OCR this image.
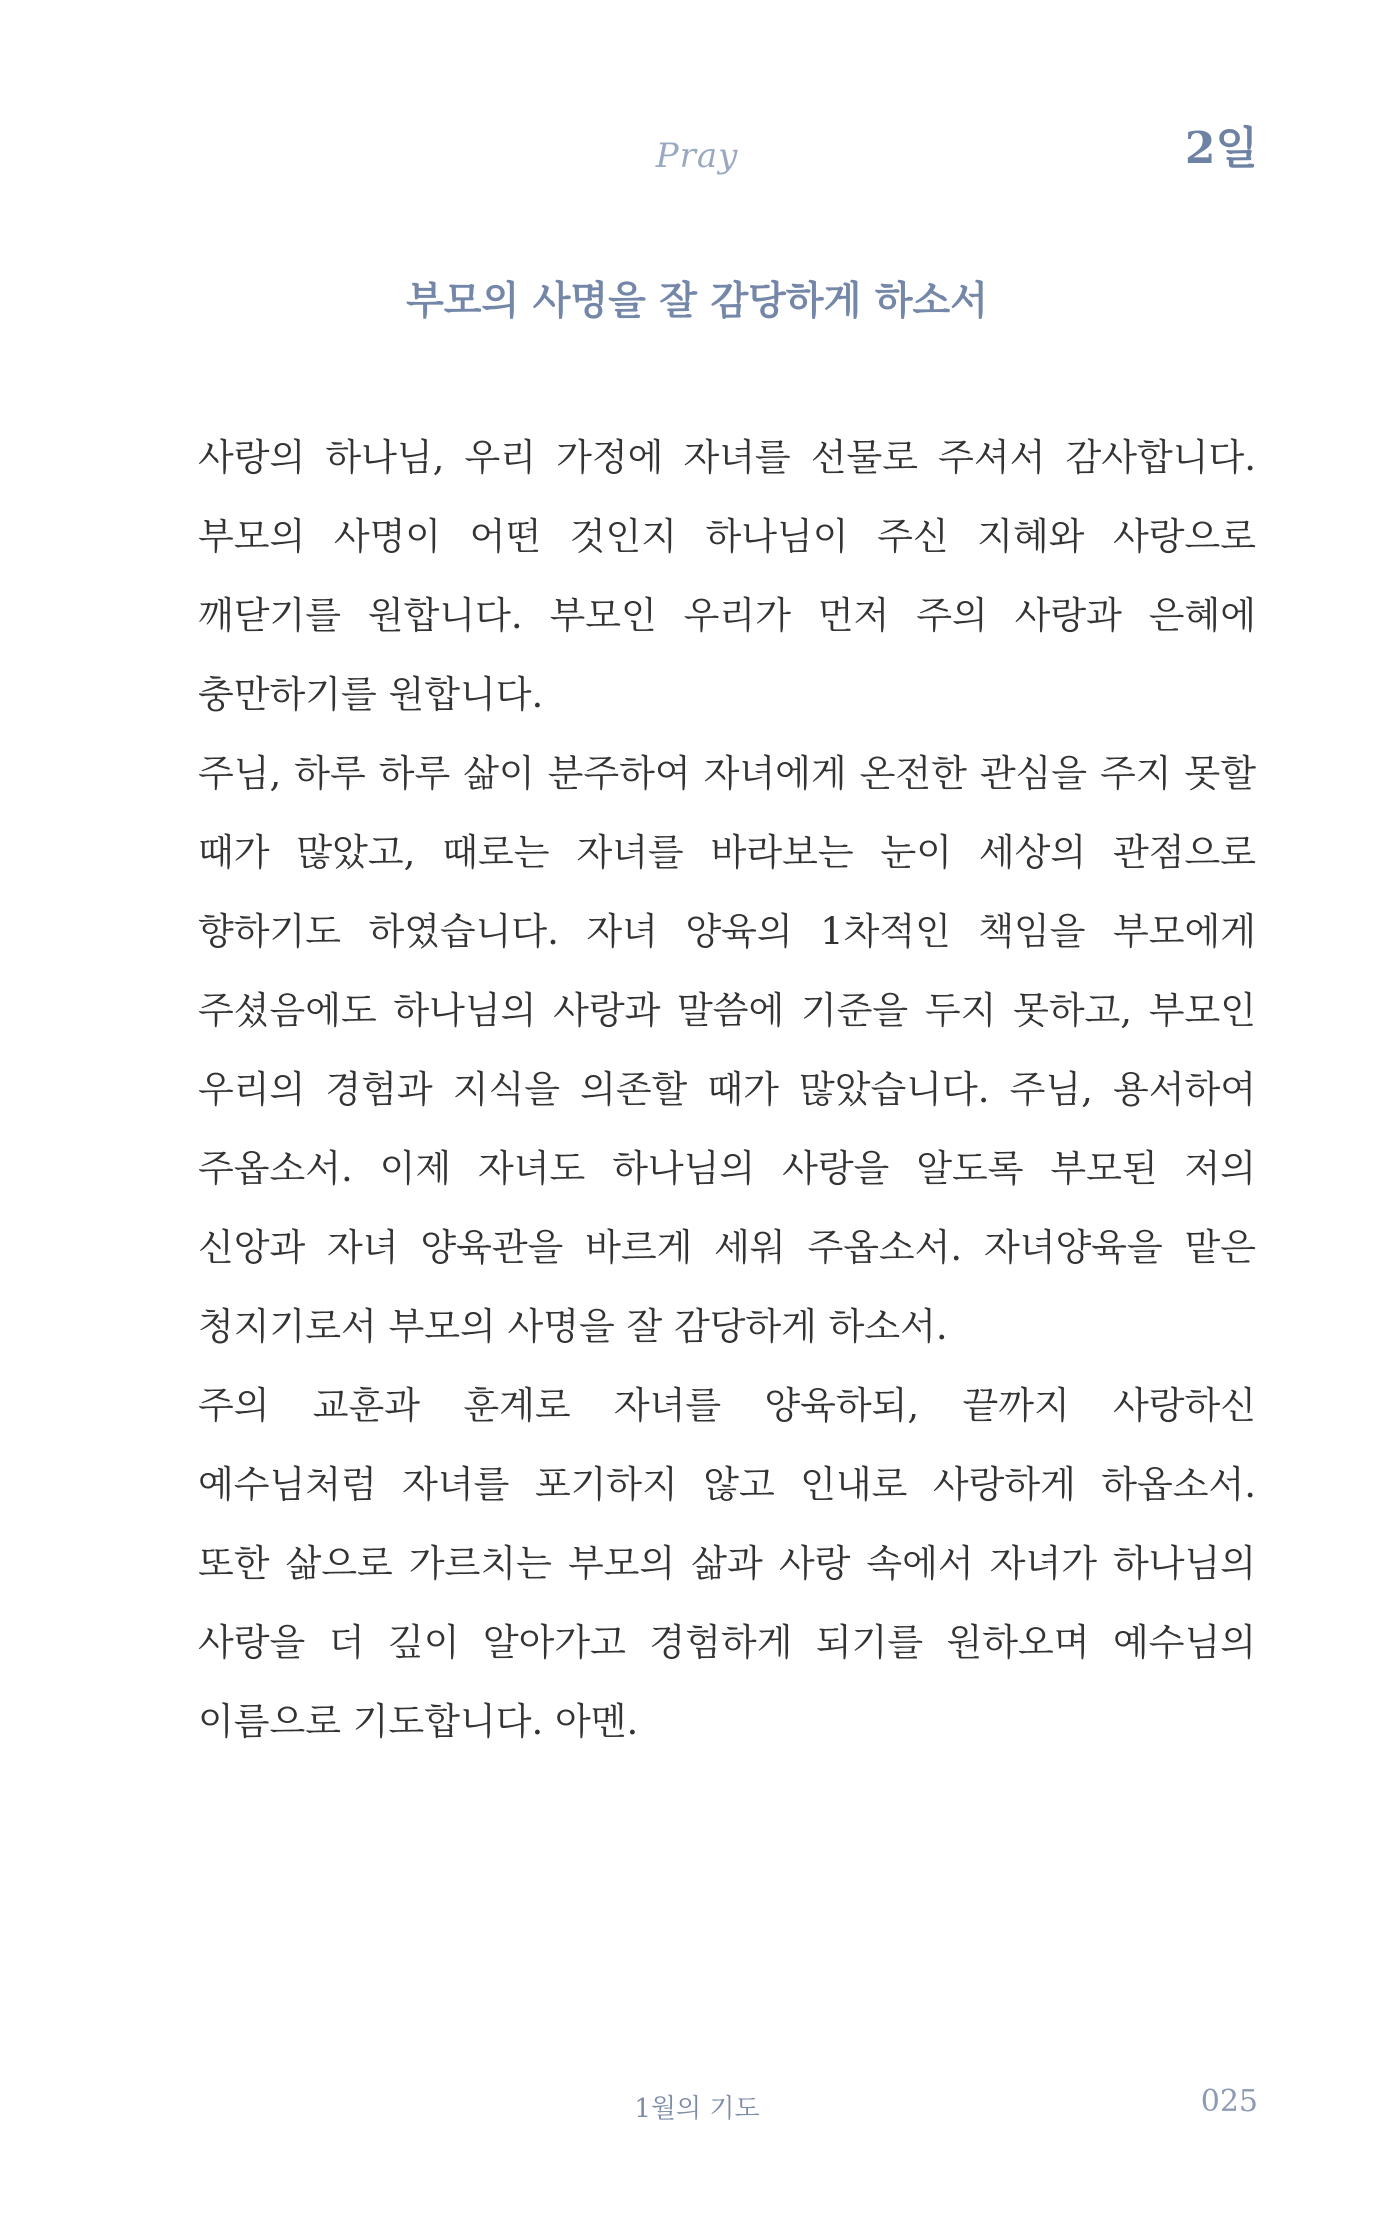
Pray	2일
부모의 사명을 잘 감당하게 하소서

사랑의 하나님, 우리 가정에 자녀를 선물로 주셔서 감사합니다. 부모의 사명이 어떤 것인지 하나님이 주신 지혜와 사랑으로 깨닫기를 원합니다. 부모인 우리가 먼저 주의 사랑과 은혜에 충만하기를 원합니다.

주님, 하루 하루 삶이 분주하여 자녀에게 온전한 관심을 주지 못할 때가 많았고, 때로는 자녀를 바라보는 눈이 세상의 관점으로 향하기도 하였습니다. 자녀 양육의 1차적인 책임을 부모에게 주셨음에도 하나님의 사랑과 말씀에 기준을 두지 못하고, 부모인 우리의 경험과 지식을 의존할 때가 많았습니다. 주님, 용서하여 주옵소서. 이제 자녀도 하나님의 사랑을 알도록 부모된 저의 신앙과 자녀 양육관을 바르게 세워 주옵소서. 자녀양육을 맡은 청지기로서 부모의 사명을 잘 감당하게 하소서.

주의 교훈과 훈계로 자녀를 양육하되, 끝까지 사랑하신 예수님처럼 자녀를 포기하지 않고 인내로 사랑하게 하옵소서. 또한 삶으로 가르치는 부모의 삶과 사랑 속에서 자녀가 하나님의 사랑을 더 깊이 알아가고 경험하게 되기를 원하오며 예수님의 이름으로 기도합니다. 아멘.

1월의 기도	025
